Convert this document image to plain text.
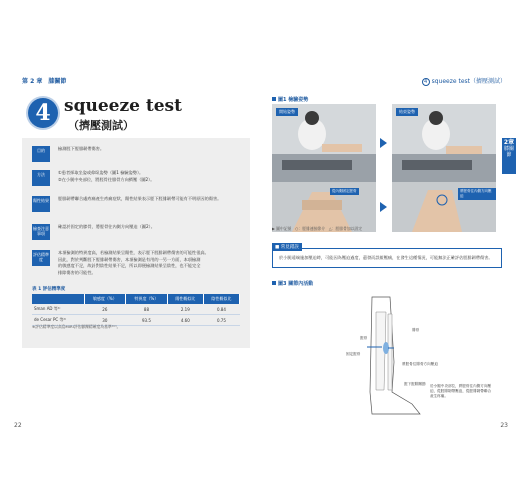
第 2 章　膝關節
4 squeeze test
（擠壓測試）
目的	檢測脛下脛腓韌帶傷害。
方法	①患者採取坐姿或仰臥姿勢（圖1 檢驗姿勢）。
②在小腿中央部位，將脛骨往腓骨方向擠壓（圖2）。
陽性結果 脛腓韌帶聯合處疼痛產生疼痛症狀，陽性結果表示脛下脛腓韌帶可能有不明原因的傷害。
檢查注意事項
確認於固定的膝骨，將脛骨往內側方向壓迫（圖2）。
評估精準度
本項檢測的特異度高，若檢測結果呈陽性，表示脛下脛腓韌帶傷害的可能性很高。
因此，對於判斷脛下脛腓韌帶傷害，本項檢測是有用的一另一方面，本項檢測
的敏感度不足，故針對陰性結果不足，所以即便檢測結果呈陰性，也不能完全
排除傷害的可能性。
表 1 評估精準度
	敏感度（%）	特異度（%）	陽性概似比	陰性概似比
Sman AD 等¹⁾	26	88	2.19	0.84
de Cesar PC 等²⁾	30	93.5	4.60	0.75
※評估精準度以高島MIRI評估腳踝精確度為基準¹⁾²⁾。
22
4 squeeze test（擠壓測試）
圖1 檢驗姿勢
開始姿勢	結束姿勢
從內側固定脛骨	將脛骨往內側方向壓迫
▶ 圖中記號　○：脛腓連接節介　△：脛腓骨加以固定
■ 常見錯誤
於小腿遠端施加壓迫時，可能因為壓迫過度，還發而誤報壓痛，在發生這種情況，可能無法正確評估脛腓韌帶傷害。
圖3 關節內活動
腓骨
脛骨
固定脛骨
將脛骨往腓骨方向壓迫
脛下脛腓關節 於小腿中央部位，將脛骨往內側方向壓迫，從脛腓韌帶壓迫，從脛腓韌帶聯合產生疼痛。
2章
膝關節
23
